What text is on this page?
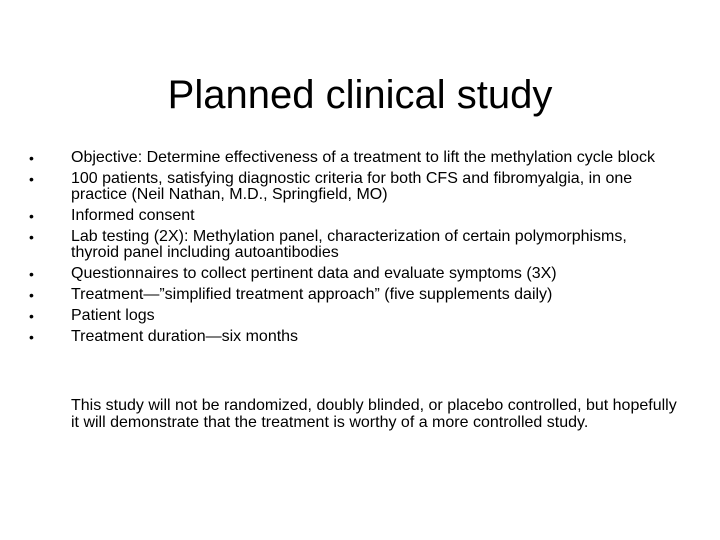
Planned clinical study
• Objective: Determine effectiveness of a treatment to lift the methylation cycle block
• 100 patients, satisfying diagnostic criteria for both CFS and fibromyalgia, in one practice (Neil Nathan, M.D., Springfield, MO)
• Informed consent
• Lab testing (2X): Methylation panel, characterization of certain polymorphisms, thyroid panel including autoantibodies
• Questionnaires to collect pertinent data and evaluate symptoms (3X)
• Treatment—”simplified treatment approach” (five supplements daily)
• Patient logs
• Treatment duration—six months

This study will not be randomized, doubly blinded, or placebo controlled, but hopefully it will demonstrate that the treatment is worthy of a more controlled study.
